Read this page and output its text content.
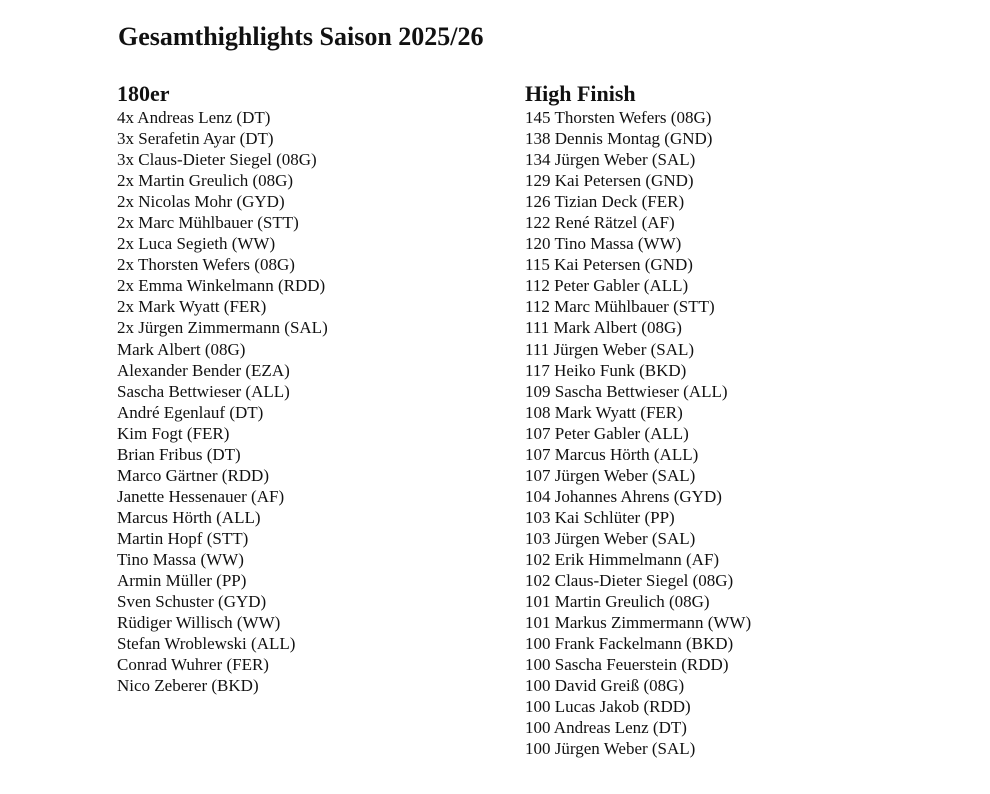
Gesamthighlights Saison 2025/26
180er
4x Andreas Lenz (DT)
3x Serafetin Ayar (DT)
3x Claus-Dieter Siegel (08G)
2x Martin Greulich (08G)
2x Nicolas Mohr (GYD)
2x Marc Mühlbauer (STT)
2x Luca Segieth (WW)
2x Thorsten Wefers (08G)
2x Emma Winkelmann (RDD)
2x Mark Wyatt (FER)
2x Jürgen Zimmermann (SAL)
Mark Albert (08G)
Alexander Bender (EZA)
Sascha Bettwieser (ALL)
André Egenlauf (DT)
Kim Fogt (FER)
Brian Fribus (DT)
Marco Gärtner (RDD)
Janette Hessenauer (AF)
Marcus Hörth (ALL)
Martin Hopf (STT)
Tino Massa (WW)
Armin Müller (PP)
Sven Schuster (GYD)
Rüdiger Willisch (WW)
Stefan Wroblewski (ALL)
Conrad Wuhrer (FER)
Nico Zeberer (BKD)
High Finish
145 Thorsten Wefers (08G)
138 Dennis Montag (GND)
134 Jürgen Weber (SAL)
129 Kai Petersen (GND)
126 Tizian Deck (FER)
122 René Rätzel (AF)
120 Tino Massa (WW)
115 Kai Petersen (GND)
112 Peter Gabler (ALL)
112 Marc Mühlbauer (STT)
111 Mark Albert (08G)
111 Jürgen Weber (SAL)
117 Heiko Funk (BKD)
109 Sascha Bettwieser (ALL)
108 Mark Wyatt (FER)
107 Peter Gabler (ALL)
107 Marcus Hörth (ALL)
107 Jürgen Weber (SAL)
104 Johannes Ahrens (GYD)
103 Kai Schlüter (PP)
103 Jürgen Weber (SAL)
102 Erik Himmelmann (AF)
102 Claus-Dieter Siegel (08G)
101 Martin Greulich (08G)
101 Markus Zimmermann (WW)
100 Frank Fackelmann (BKD)
100 Sascha Feuerstein (RDD)
100 David Greiß (08G)
100 Lucas Jakob (RDD)
100 Andreas Lenz (DT)
100 Jürgen Weber (SAL)
